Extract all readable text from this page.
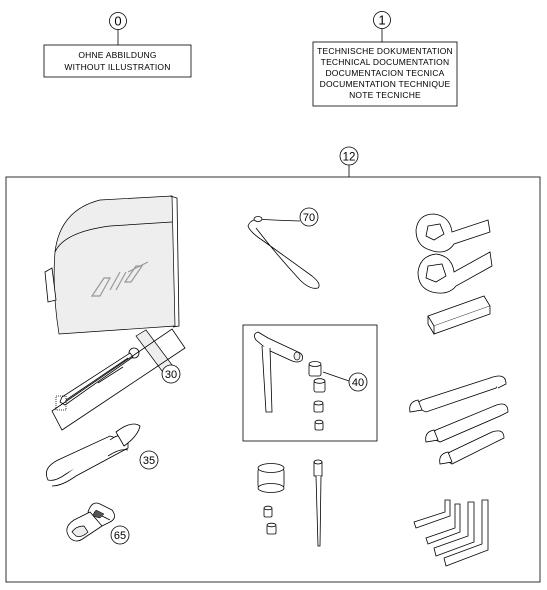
0
OHNE ABBILDUNG
WITHOUT ILLUSTRATION
1
TECHNISCHE DOKUMENTATION
TECHNICAL DOCUMENTATION
DOCUMENTACION TECNICA
DOCUMENTATION TECHNIQUE
NOTE TECNICHE
12
30
35
65
70
40
